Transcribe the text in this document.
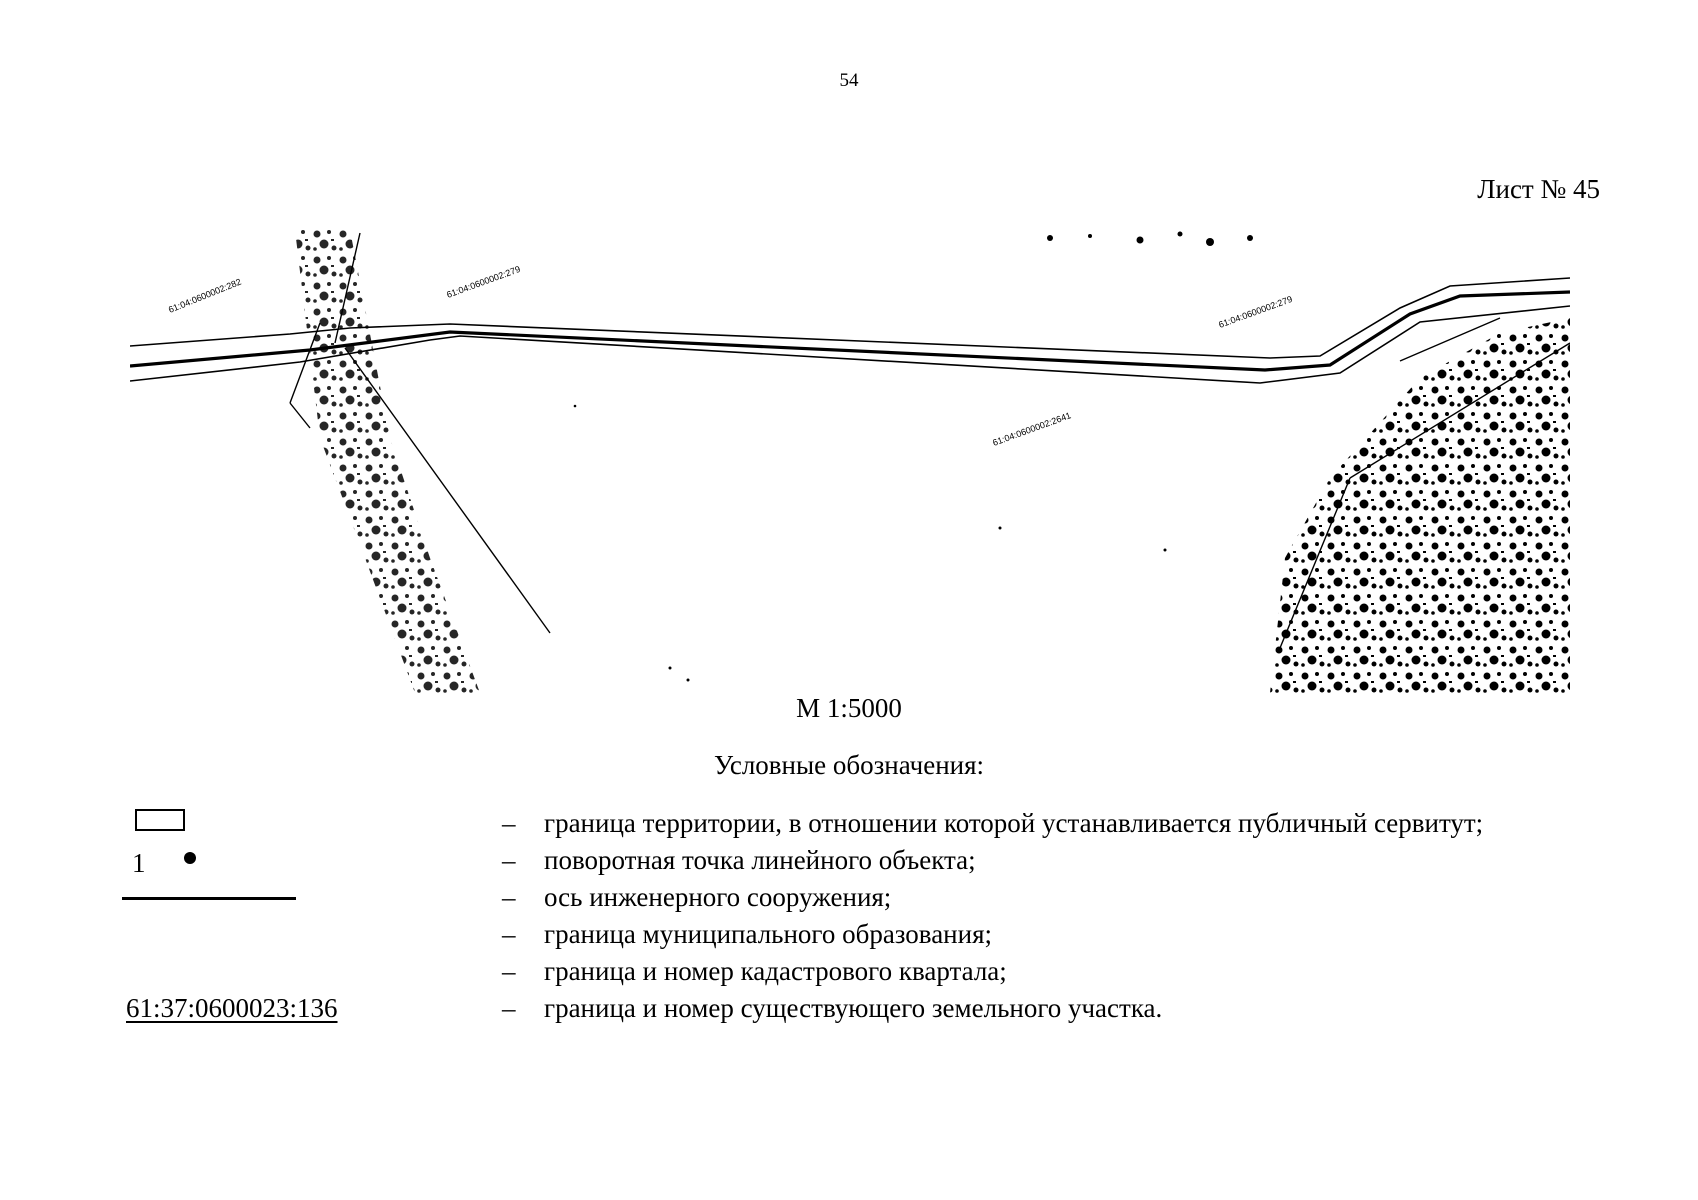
54
Лист № 45
61:04:0600002:279
61:04:0600002:279
61:04:0600002:282
61:04:0600002:2641
М 1:5000
Условные обозначения:
– граница территории, в отношении которой устанавливается публичный сервитут;
1	– поворотная точка линейного объекта;
– ось инженерного сооружения;
– граница муниципального образования;
– граница и номер кадастрового квартала;
61:37:0600023:136	– граница и номер существующего земельного участка.
